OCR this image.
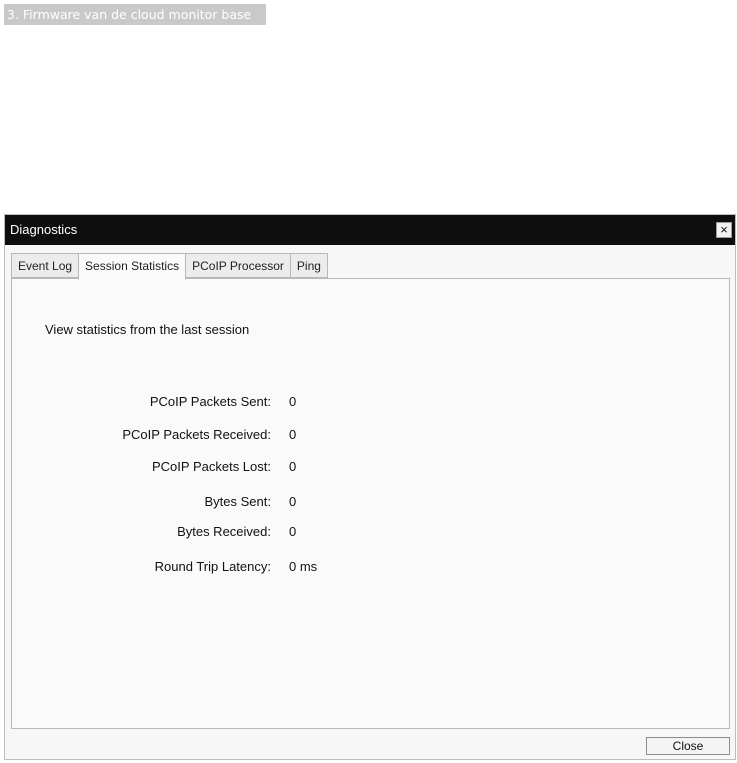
3. Firmware van de cloud monitor base
Diagnostics	×
Event Log	Session Statistics	PCoIP Processor	Ping
View statistics from the last session
PCoIP Packets Sent: 0
PCoIP Packets Received: 0
PCoIP Packets Lost: 0
Bytes Sent: 0
Bytes Received: 0
Round Trip Latency: 0 ms
Close
